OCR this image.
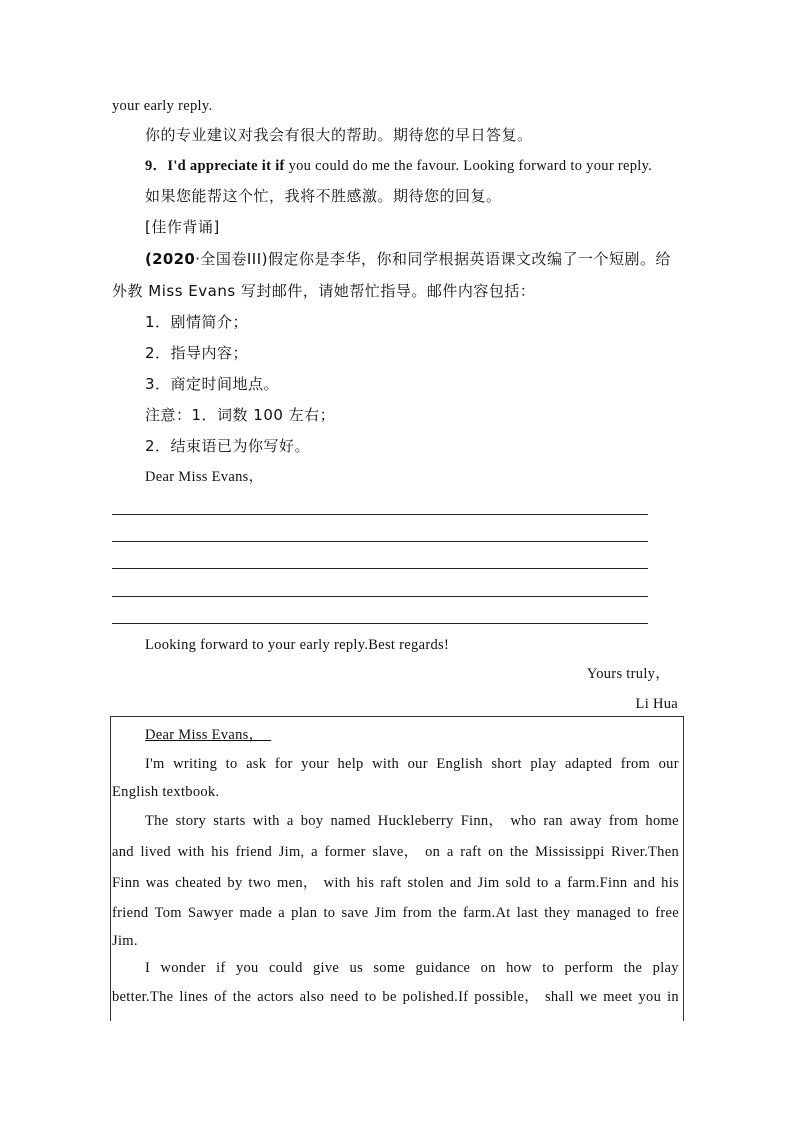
your early reply.
你的专业建议对我会有很大的帮助。期待您的早日答复。
9．I'd appreciate it if you could do me the favour. Looking forward to your reply.
如果您能帮这个忙，我将不胜感激。期待您的回复。
[佳作背诵]
(2020·全国卷III)假定你是李华，你和同学根据英语课文改编了一个短剧。给
外教 Miss Evans 写封邮件，请她帮忙指导。邮件内容包括：
1．剧情简介；
2．指导内容；
3．商定时间地点。
注意：1．词数 100 左右；
2．结束语已为你写好。
Dear Miss Evans，
Looking forward to your early reply.Best regards!
Yours truly，
Li Hua
Dear Miss Evans，
I'm writing to ask for your help with our English short play adapted from our
English textbook.
The story starts with a boy named Huckleberry Finn， who ran away from home
and lived with his friend Jim, a former slave， on a raft on the Mississippi River.Then
Finn was cheated by two men， with his raft stolen and Jim sold to a farm.Finn and his
friend Tom Sawyer made a plan to save Jim from the farm.At last they managed to free
Jim.
I wonder if you could give us some guidance on how to perform the play
better.The lines of the actors also need to be polished.If possible， shall we meet you in
